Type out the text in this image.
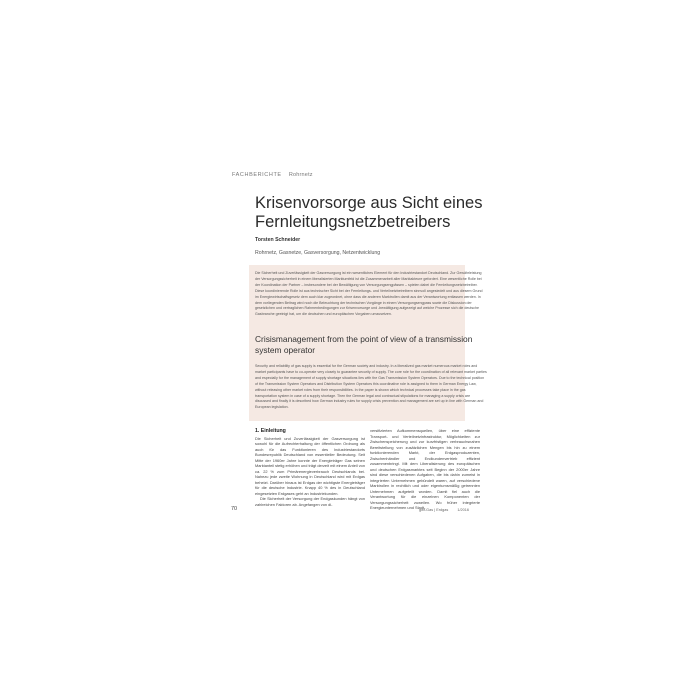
FACHBERICHTE Rohrnetz
Krisenvorsorge aus Sicht eines Fernleitungsnetzbetreibers
Torsten Schneider
Rohrnetz, Gasnetze, Gasversorgung, Netzentwicklung

Die Sicherheit und Zuverlässigkeit der Gasversorgung ist ein wesentliches Element für den Industriestandort Deutschland. Zur Gewährleistung der Versorgungssicherheit in einem liberalisierten Marktumfeld ist die Zusammenarbeit aller Marktakteure gefordert. Eine wesentliche Rolle bei der Koordination der Partner – insbesondere bei der Bewältigung von Versorgungsengpässen – spielen dabei die Fernleitungsnetzbetreiber. Diese koordinierende Rolle ist aus technischer Sicht bei der Fernleitungs- und Verteilnetzbetreibern sinnvoll angesiedelt und aus diesem Grund im Energiewirtschaftsgesetz dem auch klar zugeordnet, ohne dass die anderen Marktrollen damit aus der Verantwortung entlassen werden. In dem vorliegenden Beitrag wird noch die Beleuchtung der technischen Vorgänge in einem Versorgungsengpass sowie die Diskussion der gesetzlichen und vertraglichen Rahmenbedingungen zur Krisenvorsorge und -bewältigung aufgezeigt auf welche Prozesse sich die deutsche Gasbranche geeinigt hat, um die deutschen und europäischen Vorgaben umzusetzen.

Crisismanagement from the point of view of a transmission system operator

Security and reliability of gas supply is essential for the German society and industry. In a liberalized gas market numerous market roles and market participants have to co-operate very closely to guarantee security of supply. The core role for the coordination of all relevant market parties and especially for the management of supply shortage situations lies with the Gas Transmission System Operators. Due to the technical position of the Transmission System Operators and Distribution System Operators this coordinative role is assigned to them in German Energy Law, without releasing other market roles from their responsibilities. In the paper is shown which technical processes take place in the gas transportation system in case of a supply shortage. Then the German legal and contractual stipulations for managing a supply crisis are discussed and finally it is described how German industry rules for supply crisis prevention and management are set up in line with German and European legislation.

1. Einleitung

Die Sicherheit und Zuverlässigkeit der Gasversorgung ist sowohl für die Aufrechterhaltung der öffentlichen Ordnung als auch für das Funktionieren des Industriestandorts Bundesrepublik Deutschland von essentieller Bedeutung. Seit Mitte der 1960er Jahre konnte der Energieträger Gas seinen Marktanteil stetig erhöhen und trägt derzeit mit einem Anteil von ca. 22 % zum Primärenergieverbrauch Deutschlands bei. Nahezu jede zweite Wohnung in Deutschland wird mit Erdgas beheizt. Darüber hinaus ist Erdgas der wichtigste Energieträger für die deutsche Industrie. Knapp 40 % des in Deutschland eingesetzten Erdgases geht an Industriekunden.

Die Sicherheit der Versorgung der Endgaskunden hängt von zahlreichen Faktoren ab. Angefangen von di-

versifizierten Aufkommensquellen, über eine effiziente Transport- und Verteilnetzinfrastruktur, Möglichkeiten zur Zwischenspeicherung und zur kurzfristigen verbrauchsnahen Bereitstellung von zusätzlichen Mengen bis hin zu einem funktionierenden Markt, der Erdgasproduzenten, Zwischenhändler und Endkundenvertrieb effizient zusammenbringt. Mit dem Liberalisierung des europäischen und deutschen Erdgasmarktes seit Beginn der 2000er Jahre sind diese verschiedenen Aufgaben, die bis dahin zumeist in integrierten Unternehmen gebündelt waren, auf verschiedene Marktrollen in rechtlich und oder eigentumsmäßig getrennten Unternehmen aufgeteilt worden. Damit fiel auch die Verantwortung für die einzelnen Komponenten der Versorgungssicherheit zuweilen. Wo früher integrierte Energieunternehmen und Stadt-

70	gwf-Gas | Erdgas 1/2016
